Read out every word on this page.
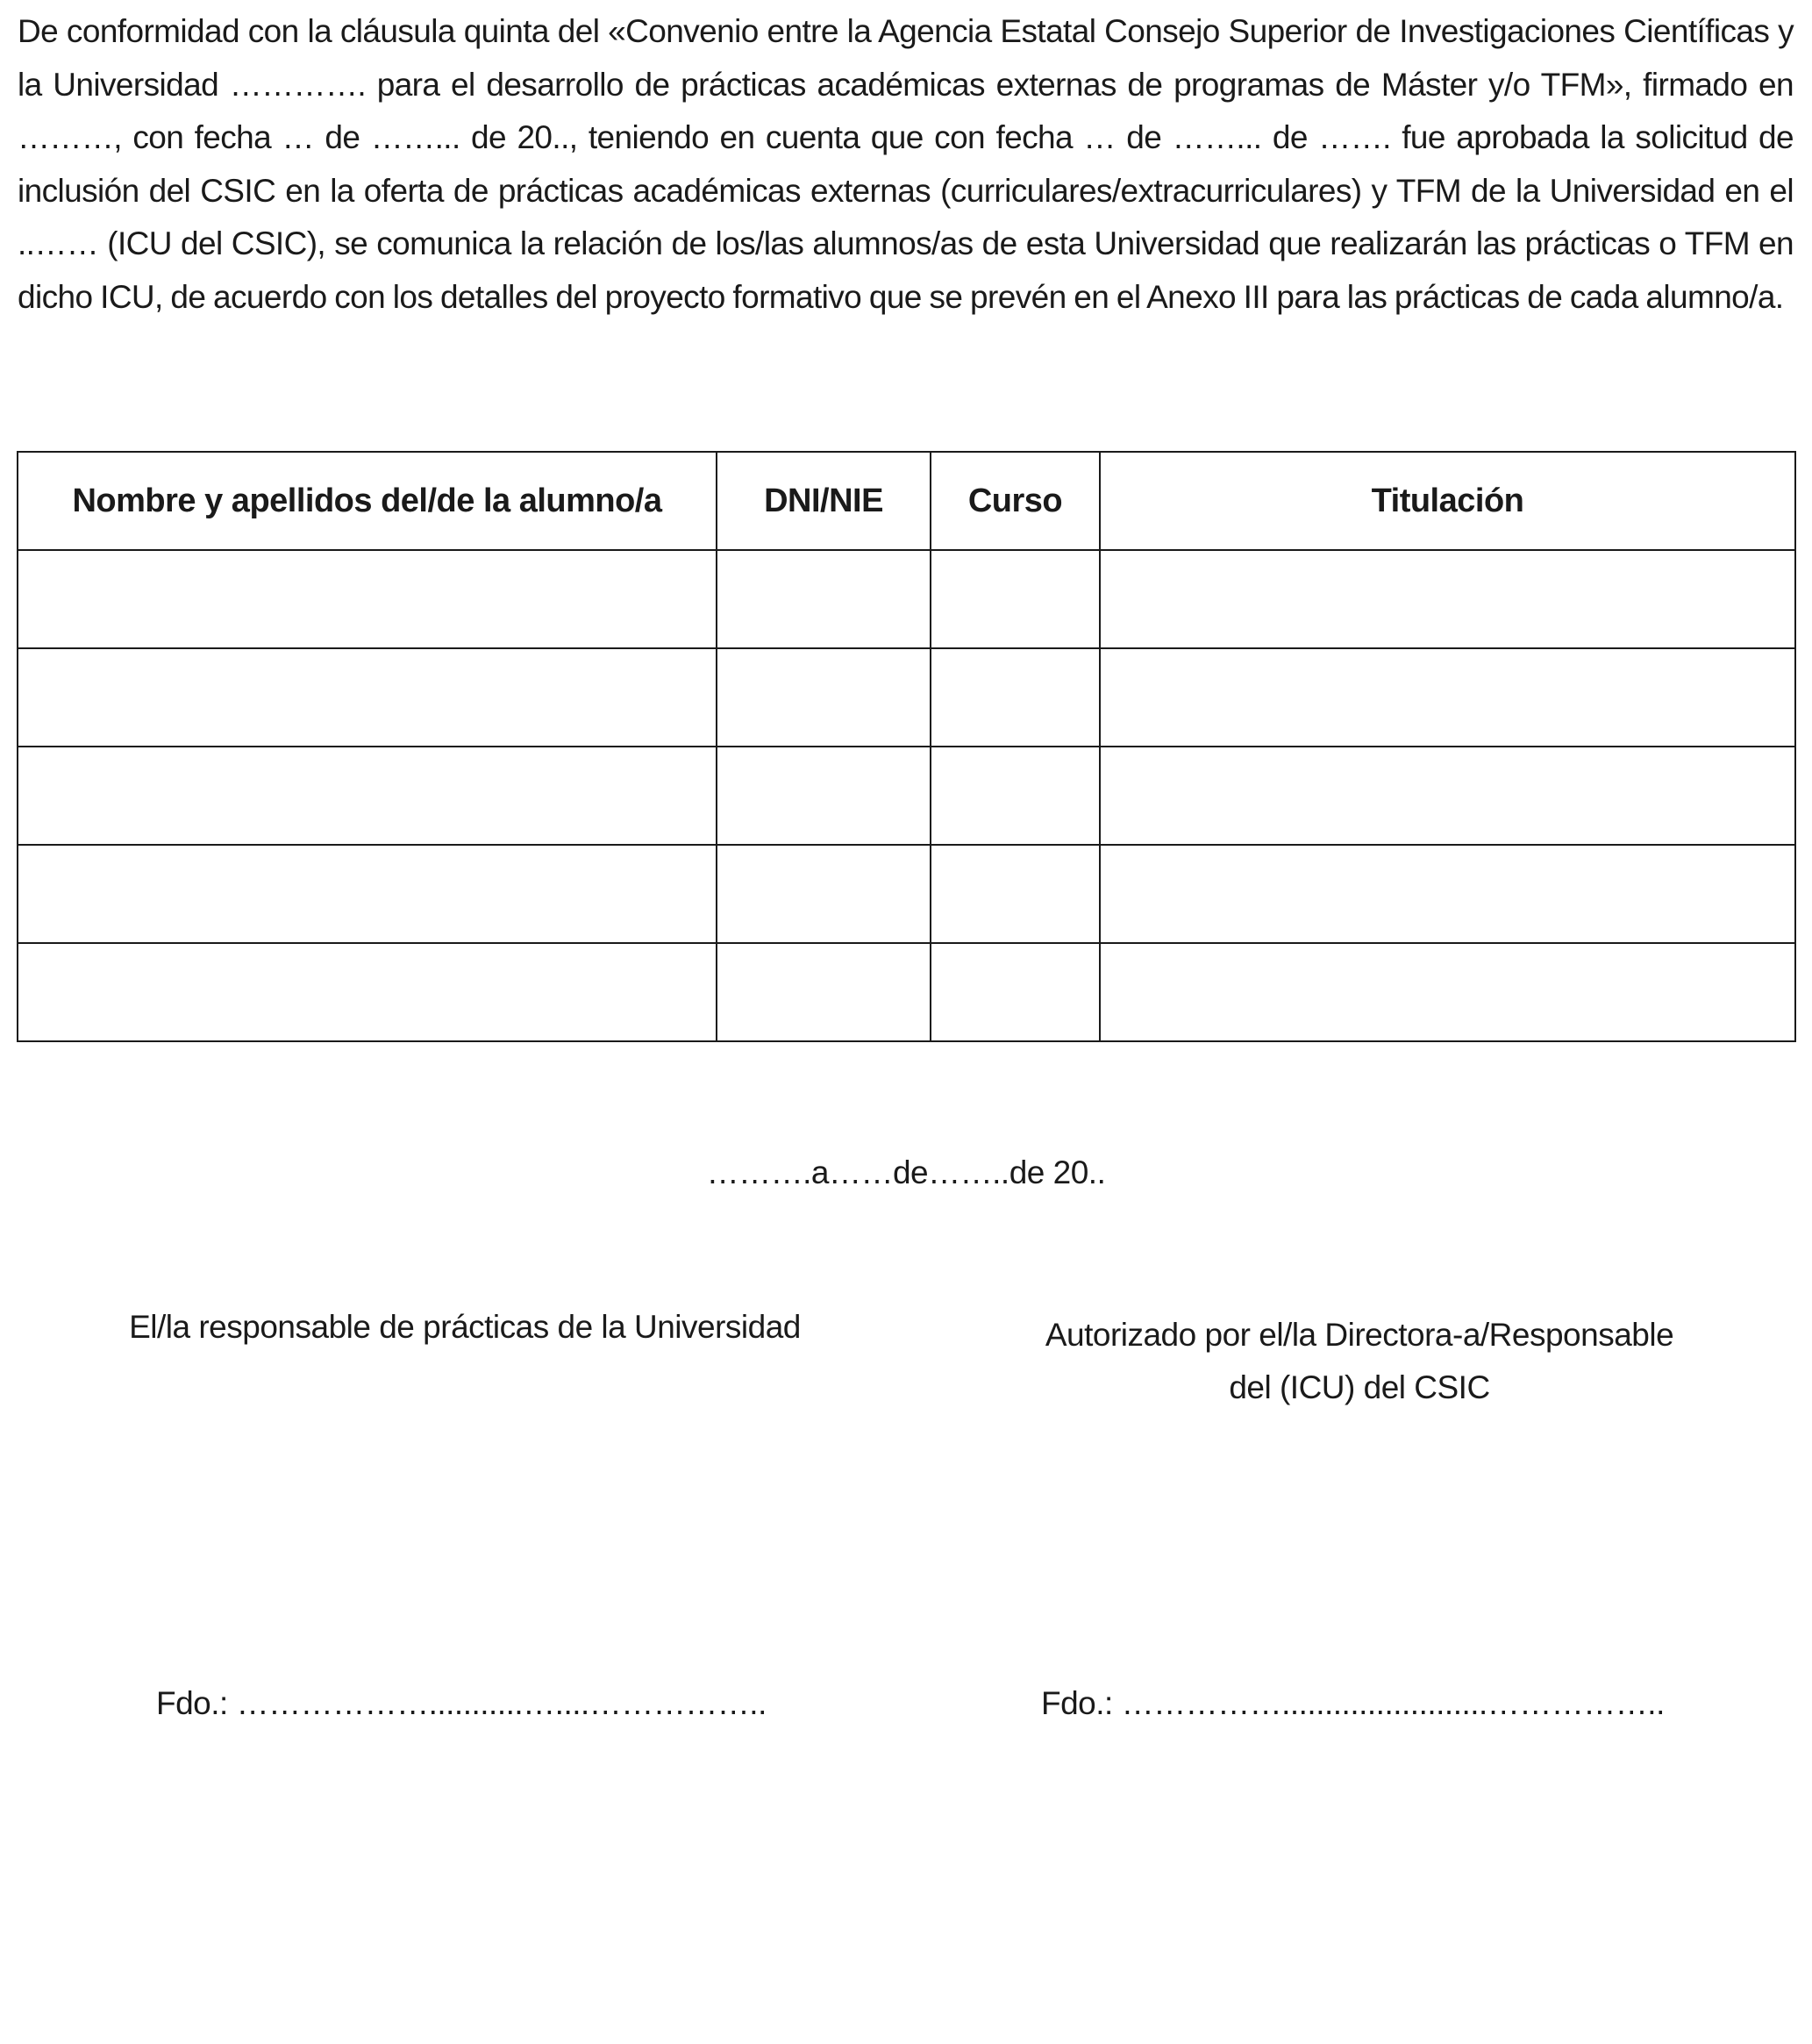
De conformidad con la cláusula quinta del «Convenio entre la Agencia Estatal Consejo Superior de Investigaciones Científicas y la Universidad …………. para el desarrollo de prácticas académicas externas de programas de Máster y/o TFM», firmado en ………, con fecha … de ……... de 20.., teniendo en cuenta que con fecha … de ……... de ……. fue aprobada la solicitud de inclusión del CSIC en la oferta de prácticas académicas externas (curriculares/extracurriculares) y TFM de la Universidad en el ..…… (ICU del CSIC), se comunica la relación de los/las alumnos/as de esta Universidad que realizarán las prácticas o TFM en dicho ICU, de acuerdo con los detalles del proyecto formativo que se prevén en el Anexo III para las prácticas de cada alumno/a.

Nombre y apellidos del/de la alumno/a	DNI/NIE	Curso	Titulación

……….a……de……..de 20..
El/la responsable de prácticas de la Universidad	Autorizado por el/la Directora-a/Responsable
del (ICU) del CSIC
Fdo.: ………………...........…....……………..	Fdo.: ……………........................……………..
